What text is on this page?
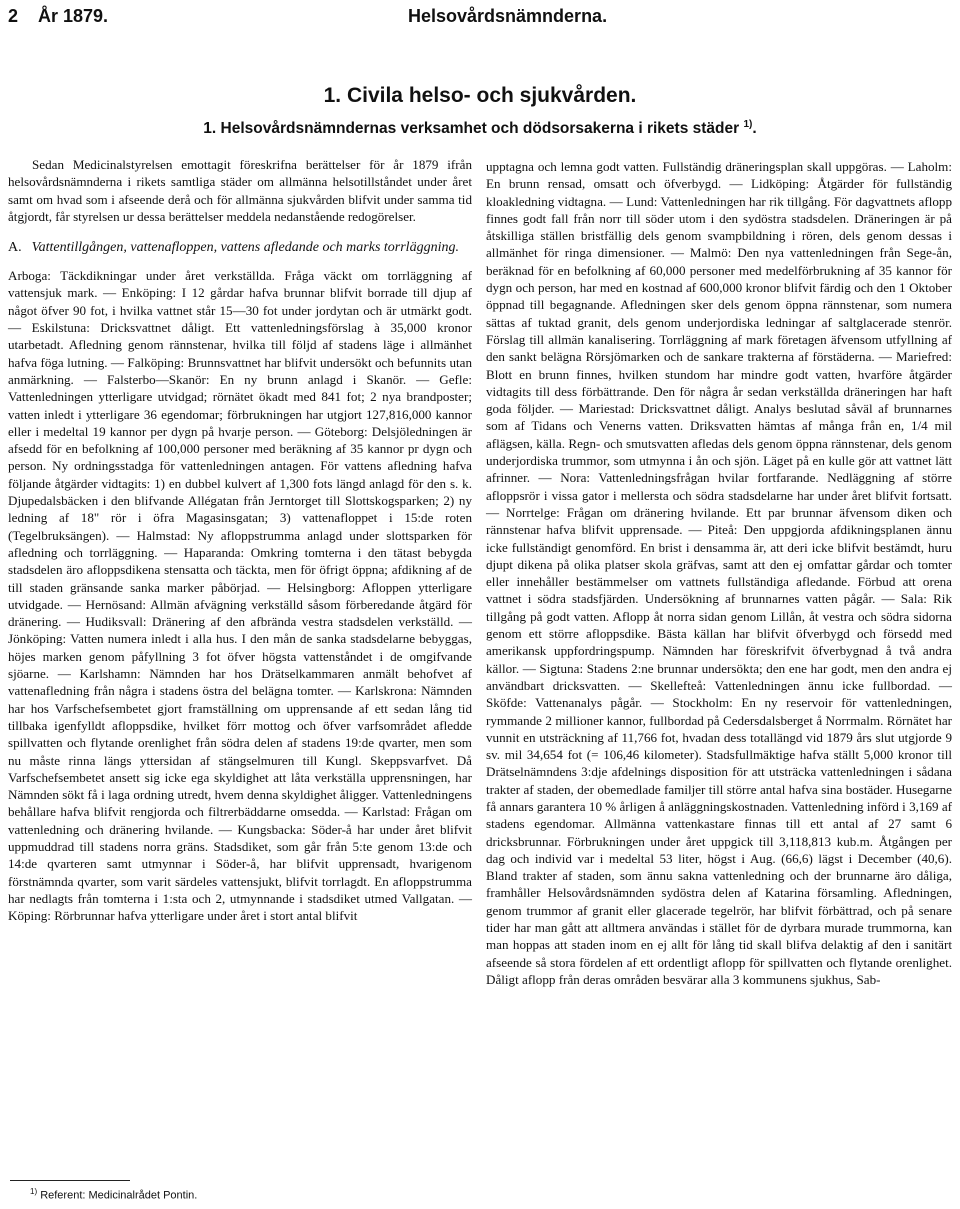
2 År 1879.	Helsovårdsnämnderna.
1. Civila helso- och sjukvården.
1. Helsovårdsnämndernas verksamhet och dödsorsakerna i rikets städer $^{1)}$.

Sedan Medicinalstyrelsen emottagit föreskrifna berättelser för år 1879 ifrån helsovårdsnämnderna i rikets samtliga städer om allmänna helsotillståndet under året samt om hvad som i afseende derå och för allmänna sjukvården blifvit under samma tid åtgjordt, får styrelsen ur dessa berättelser meddela nedanstående redogörelser.

A. Vattentillgången, vattenafloppen, vattens afledande och marks torrläggning.

Arboga: Täckdikningar under året verkställda. Fråga väckt om torrläggning af vattensjuk mark. — Enköping: I 12 gårdar hafva brunnar blifvit borrade till djup af något öfver 90 fot, i hvilka vattnet står 15—30 fot under jordytan och är utmärkt godt. — Eskilstuna: Dricksvattnet dåligt. Ett vattenledningsförslag à 35,000 kronor utarbetadt. Afledning genom rännstenar, hvilka till följd af stadens läge i allmänhet hafva föga lutning. — Falköping: Brunnsvattnet har blifvit undersökt och befunnits utan anmärkning. — Falsterbo—Skanör: En ny brunn anlagd i Skanör. — Gefle: Vattenledningen ytterligare utvidgad; rörnätet ökadt med 841 fot; 2 nya brandposter; vatten inledt i ytterligare 36 egendomar; förbrukningen har utgjort 127,816,000 kannor eller i medeltal 19 kannor per dygn på hvarje person. — Göteborg: Delsjöledningen är afsedd för en befolkning af 100,000 personer med beräkning af 35 kannor pr dygn och person. Ny ordningsstadga för vattenledningen antagen. För vattens afledning hafva följande åtgärder vidtagits: 1) en dubbel kulvert af 1,300 fots längd anlagd för den s. k. Djupedalsbäcken i den blifvande Allégatan från Jerntorget till Slottskogsparken; 2) ny ledning af 18" rör i öfra Magasinsgatan; 3) vattenafloppet i 15:de roten (Tegelbruksängen). — Halmstad: Ny afloppstrumma anlagd under slottsparken för afledning och torrläggning. — Haparanda: Omkring tomterna i den tätast bebygda stadsdelen äro afloppsdikena stensatta och täckta, men för öfrigt öppna; afdikning af de till staden gränsande sanka marker påbörjad. — Helsingborg: Afloppen ytterligare utvidgade. — Hernösand: Allmän afvägning verkställd såsom förberedande åtgärd för dränering. — Hudiksvall: Dränering af den afbrända vestra stadsdelen verkställd. — Jönköping: Vatten numera inledt i alla hus. I den mån de sanka stadsdelarne bebyggas, höjes marken genom påfyllning 3 fot öfver högsta vattenståndet i de omgifvande sjöarne. — Karlshamn: Nämnden har hos Drätselkammaren anmält behofvet af vattenafledning från några i stadens östra del belägna tomter. — Karlskrona: Nämnden har hos Varfschefsembetet gjort framställning om upprensande af ett sedan lång tid tillbaka igenfylldt afloppsdike, hvilket förr mottog och öfver varfsområdet afledde spillvatten och flytande orenlighet från södra delen af stadens 19:de qvarter, men som nu måste rinna längs yttersidan af stängselmuren till Kungl. Skeppsvarfvet. Då Varfschefsembetet ansett sig icke ega skyldighet att låta verkställa upprensningen, har Nämnden sökt få i laga ordning utredt, hvem denna skyldighet åligger. Vattenledningens behållare hafva blifvit rengjorda och filtrerbäddarne omsedda. — Karlstad: Frågan om vattenledning och dränering hvilande. — Kungsbacka: Söder-å har under året blifvit uppmuddrad till stadens norra gräns. Stadsdiket, som går från 5:te genom 13:de och 14:de qvarteren samt utmynnar i Söder-å, har blifvit upprensadt, hvarigenom förstnämnda qvarter, som varit särdeles vattensjukt, blifvit torrlagdt. En afloppstrumma har nedlagts från tomterna i 1:sta och 2, utmynnande i stadsdiket utmed Vallgatan. — Köping: Rörbrunnar hafva ytterligare under året i stort antal blifvit

upptagna och lemna godt vatten. Fullständig dräneringsplan skall uppgöras. — Laholm: En brunn rensad, omsatt och öfverbygd. — Lidköping: Åtgärder för fullständig kloakledning vidtagna. — Lund: Vattenledningen har rik tillgång. För dagvattnets aflopp finnes godt fall från norr till söder utom i den sydöstra stadsdelen. Dräneringen är på åtskilliga ställen bristfällig dels genom svampbildning i rören, dels genom dessas i allmänhet för ringa dimensioner. — Malmö: Den nya vattenledningen från Sege-ån, beräknad för en befolkning af 60,000 personer med medelförbrukning af 35 kannor för dygn och person, har med en kostnad af 600,000 kronor blifvit färdig och den 1 Oktober öppnad till begagnande. Afledningen sker dels genom öppna rännstenar, som numera sättas af tuktad granit, dels genom underjordiska ledningar af saltglacerade stenrör. Förslag till allmän kanalisering. Torrläggning af mark företagen äfvensom utfyllning af den sankt belägna Rörsjömarken och de sankare trakterna af förstäderna. — Mariefred: Blott en brunn finnes, hvilken stundom har mindre godt vatten, hvarföre åtgärder vidtagits till dess förbättrande. Den för några år sedan verkställda dräneringen har haft goda följder. — Mariestad: Dricksvattnet dåligt. Analys beslutad såväl af brunnarnes som af Tidans och Venerns vatten. Driksvatten hämtas af många från en, 1/4 mil aflägsen, källa. Regn- och smutsvatten afledas dels genom öppna rännstenar, dels genom underjordiska trummor, som utmynna i ån och sjön. Läget på en kulle gör att vattnet lätt afrinner. — Nora: Vattenledningsfrågan hvilar fortfarande. Nedläggning af större afloppsrör i vissa gator i mellersta och södra stadsdelarne har under året blifvit fortsatt. — Norrtelge: Frågan om dränering hvilande. Ett par brunnar äfvensom diken och rännstenar hafva blifvit upprensade. — Piteå: Den uppgjorda afdikningsplanen ännu icke fullständigt genomförd. En brist i densamma är, att deri icke blifvit bestämdt, huru djupt dikena på olika platser skola gräfvas, samt att den ej omfattar gårdar och tomter eller innehåller bestämmelser om vattnets fullständiga afledande. Förbud att orena vattnet i södra stadsfjärden. Undersökning af brunnarnes vatten pågår. — Sala: Rik tillgång på godt vatten. Aflopp åt norra sidan genom Lillån, åt vestra och södra sidorna genom ett större afloppsdike. Bästa källan har blifvit öfverbygd och försedd med amerikansk uppfordringspump. Nämnden har föreskrifvit öfverbygnad å två andra källor. — Sigtuna: Stadens 2:ne brunnar undersökta; den ene har godt, men den andra ej användbart dricksvatten. — Skellefteå: Vattenledningen ännu icke fullbordad. — Sköfde: Vattenanalys pågår. — Stockholm: En ny reservoir för vattenledningen, rymmande 2 millioner kannor, fullbordad på Cedersdalsberget å Norrmalm. Rörnätet har vunnit en utsträckning af 11,766 fot, hvadan dess totallängd vid 1879 års slut utgjorde 9 sv. mil 34,654 fot (= 106,46 kilometer). Stadsfullmäktige hafva ställt 5,000 kronor till Drätselnämndens 3:dje afdelnings disposition för att utsträcka vattenledningen i sådana trakter af staden, der obemedlade familjer till större antal hafva sina bostäder. Husegarne få annars garantera 10 % årligen å anläggningskostnaden. Vattenledning införd i 3,169 af stadens egendomar. Allmänna vattenkastare finnas till ett antal af 27 samt 6 dricksbrunnar. Förbrukningen under året uppgick till 3,118,813 kub.m. Åtgången per dag och individ var i medeltal 53 liter, högst i Aug. (66,6) lägst i December (40,6). Bland trakter af staden, som ännu sakna vattenledning och der brunnarne äro dåliga, framhåller Helsovårdsnämnden sydöstra delen af Katarina församling. Afledningen, genom trummor af granit eller glacerade tegelrör, har blifvit förbättrad, och på senare tider har man gått att alltmera användas i stället för de dyrbara murade trummorna, kan man hoppas att staden inom en ej allt för lång tid skall blifva delaktig af den i sanitärt afseende så stora fördelen af ett ordentligt aflopp för spillvatten och flytande orenlighet. Dåligt aflopp från deras områden besvärar alla 3 kommunens sjukhus, Sab-

$^{1)}$ Referent: Medicinalrådet Pontin.
